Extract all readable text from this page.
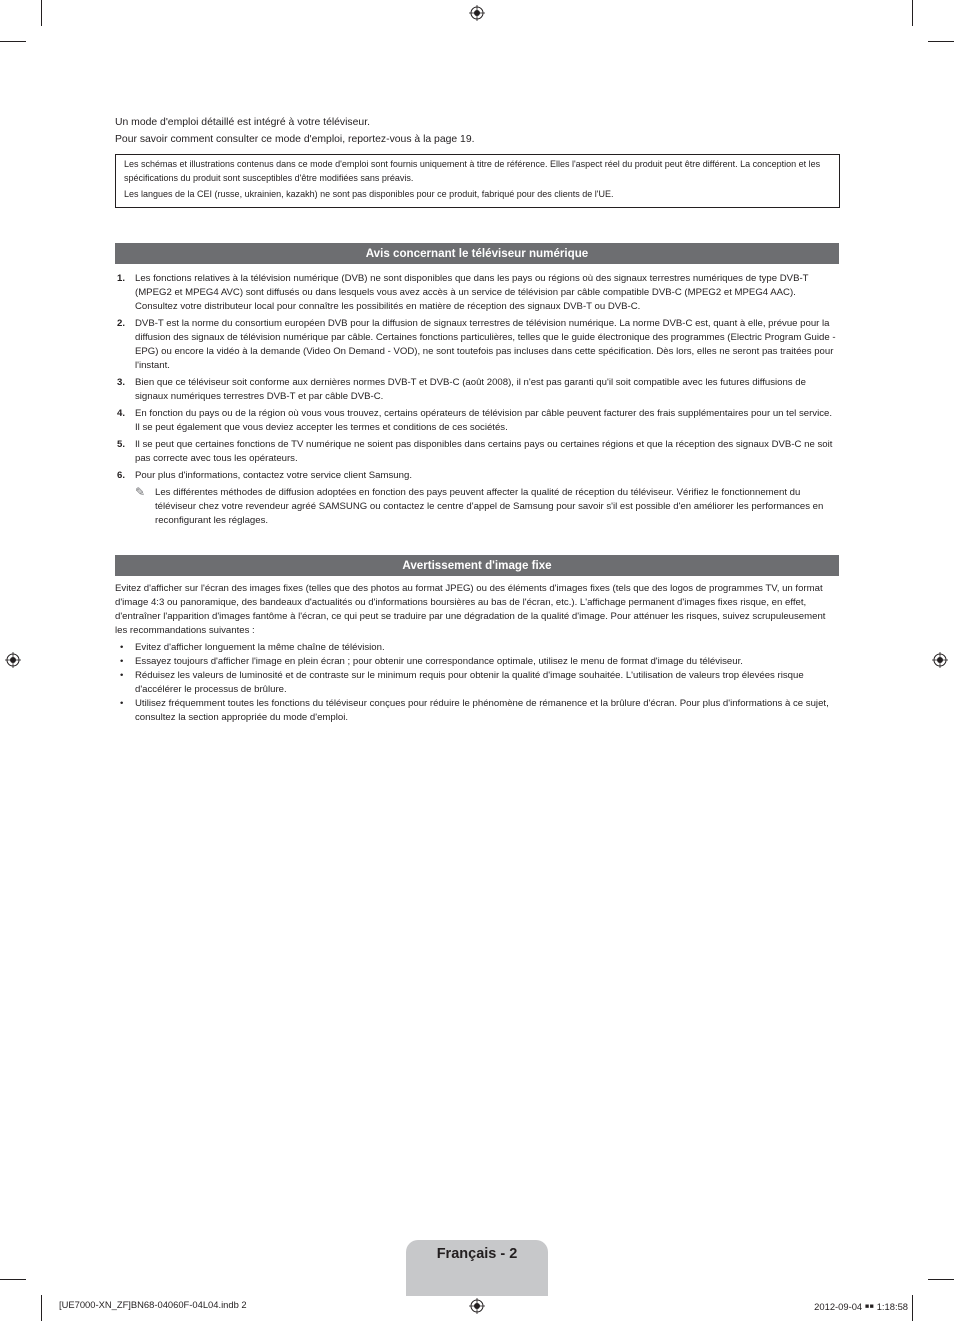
Un mode d'emploi détaillé est intégré à votre téléviseur.
Pour savoir comment consulter ce mode d'emploi, reportez-vous à la page 19.

Les schémas et illustrations contenus dans ce mode d'emploi sont fournis uniquement à titre de référence. Elles l'aspect réel du produit peut être différent. La conception et les spécifications du produit sont susceptibles d'être modifiées sans préavis.

Les langues de la CEI (russe, ukrainien, kazakh) ne sont pas disponibles pour ce produit, fabriqué pour des clients de l'UE.

Avis concernant le téléviseur numérique
1. Les fonctions relatives à la télévision numérique (DVB) ne sont disponibles que dans les pays ou régions où des signaux terrestres numériques de type DVB-T (MPEG2 et MPEG4 AVC) sont diffusés ou dans lesquels vous avez accès à un service de télévision par câble compatible DVB-C (MPEG2 et MPEG4 AAC). Consultez votre distributeur local pour connaître les possibilités en matière de réception des signaux DVB-T ou DVB-C.
2. DVB-T est la norme du consortium européen DVB pour la diffusion de signaux terrestres de télévision numérique. La norme DVB-C est, quant à elle, prévue pour la diffusion des signaux de télévision numérique par câble. Certaines fonctions particulières, telles que le guide électronique des programmes (Electric Program Guide - EPG) ou encore la vidéo à la demande (Video On Demand - VOD), ne sont toutefois pas incluses dans cette spécification. Dès lors, elles ne seront pas traitées pour l'instant.
3. Bien que ce téléviseur soit conforme aux dernières normes DVB-T et DVB-C (août 2008), il n'est pas garanti qu'il soit compatible avec les futures diffusions de signaux numériques terrestres DVB-T et par câble DVB-C.
4. En fonction du pays ou de la région où vous vous trouvez, certains opérateurs de télévision par câble peuvent facturer des frais supplémentaires pour un tel service. Il se peut également que vous deviez accepter les termes et conditions de ces sociétés.
5. Il se peut que certaines fonctions de TV numérique ne soient pas disponibles dans certains pays ou certaines régions et que la réception des signaux DVB-C ne soit pas correcte avec tous les opérateurs.
6. Pour plus d'informations, contactez votre service client Samsung.
✎ Les différentes méthodes de diffusion adoptées en fonction des pays peuvent affecter la qualité de réception du téléviseur. Vérifiez le fonctionnement du téléviseur chez votre revendeur agréé SAMSUNG ou contactez le centre d'appel de Samsung pour savoir s'il est possible d'en améliorer les performances en reconfigurant les réglages.
Avertissement d'image fixe

Evitez d'afficher sur l'écran des images fixes (telles que des photos au format JPEG) ou des éléments d'images fixes (tels que des logos de programmes TV, un format d'image 4:3 ou panoramique, des bandeaux d'actualités ou d'informations boursières au bas de l'écran, etc.). L'affichage permanent d'images fixes risque, en effet, d'entraîner l'apparition d'images fantôme à l'écran, ce qui peut se traduire par une dégradation de la qualité d'image. Pour atténuer les risques, suivez scrupuleusement les recommandations suivantes :

• Evitez d'afficher longuement la même chaîne de télévision.
• Essayez toujours d'afficher l'image en plein écran ; pour obtenir une correspondance optimale, utilisez le menu de format d'image du téléviseur.
• Réduisez les valeurs de luminosité et de contraste sur le minimum requis pour obtenir la qualité d'image souhaitée. L'utilisation de valeurs trop élevées risque d'accélérer le processus de brûlure.
• Utilisez fréquemment toutes les fonctions du téléviseur conçues pour réduire le phénomène de rémanence et la brûlure d'écran. Pour plus d'informations à ce sujet, consultez la section appropriée du mode d'emploi.
Français - 2
[UE7000-XN_ZF]BN68-04060F-04L04.indb 2	2012-09-04 ￭￭ 1:18:58
